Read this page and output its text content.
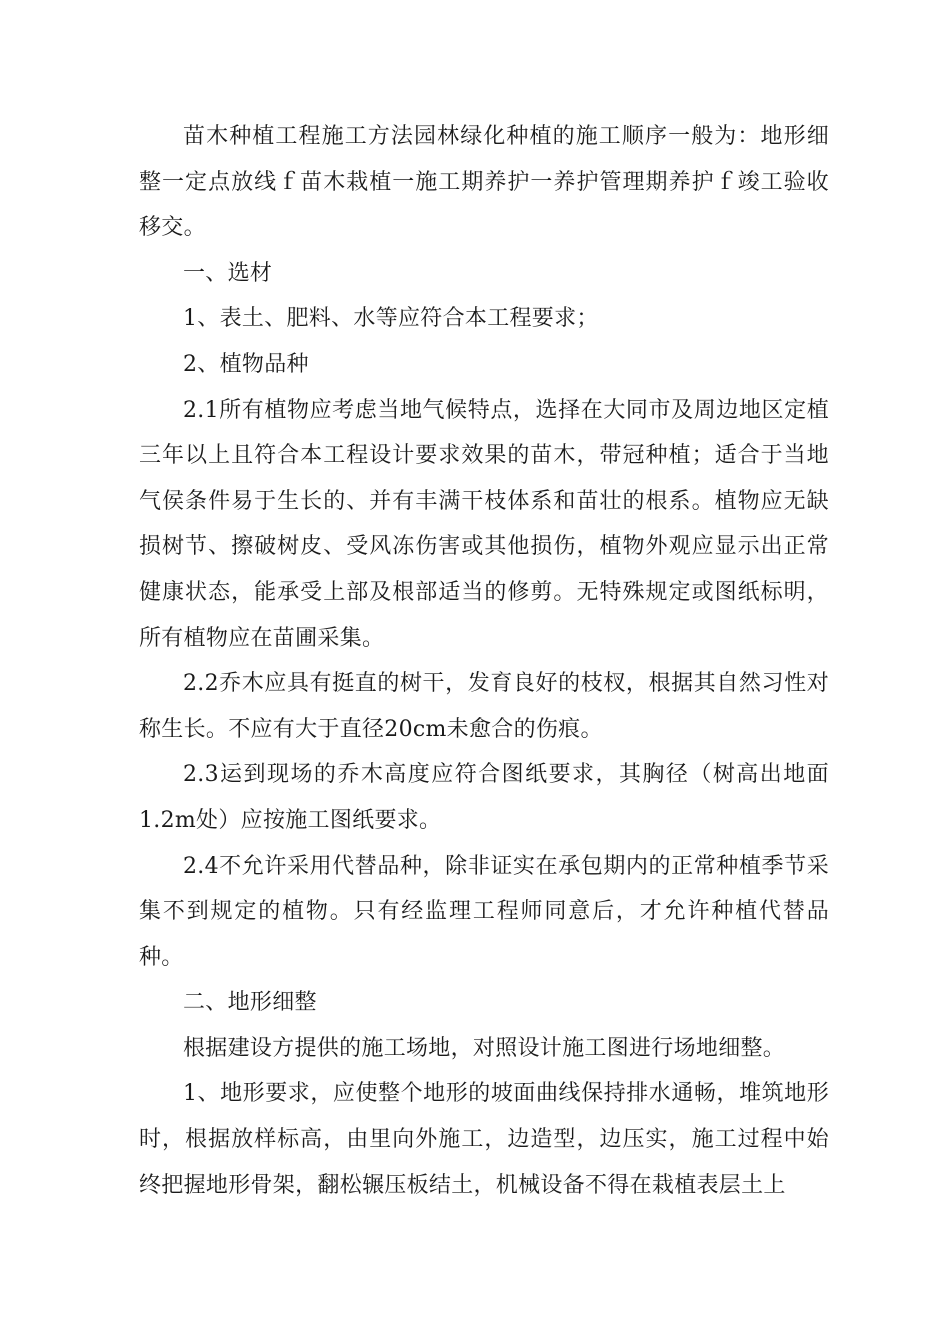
苗木种植工程施工方法园林绿化种植的施工顺序一般为：地形细整一定点放线ｆ苗木栽植一施工期养护一养护管理期养护ｆ竣工验收移交。

一、选材

1、表土、肥料、水等应符合本工程要求；

2、植物品种

2.1所有植物应考虑当地气候特点，选择在大同市及周边地区定植三年以上且符合本工程设计要求效果的苗木，带冠种植；适合于当地气侯条件易于生长的、并有丰满干枝体系和苗壮的根系。植物应无缺损树节、擦破树皮、受风冻伤害或其他损伤，植物外观应显示出正常健康状态，能承受上部及根部适当的修剪。无特殊规定或图纸标明，所有植物应在苗圃采集。

2.2乔木应具有挺直的树干，发育良好的枝杈，根据其自然习性对称生长。不应有大于直径20cm未愈合的伤痕。

2.3运到现场的乔木高度应符合图纸要求，其胸径（树高出地面1.2m处）应按施工图纸要求。

2.4不允许采用代替品种，除非证实在承包期内的正常种植季节采集不到规定的植物。只有经监理工程师同意后，才允许种植代替品种。

二、地形细整

根据建设方提供的施工场地，对照设计施工图进行场地细整。

1、地形要求，应使整个地形的坡面曲线保持排水通畅，堆筑地形时，根据放样标高，由里向外施工，边造型，边压实，施工过程中始终把握地形骨架，翻松辗压板结土，机械设备不得在栽植表层土上
